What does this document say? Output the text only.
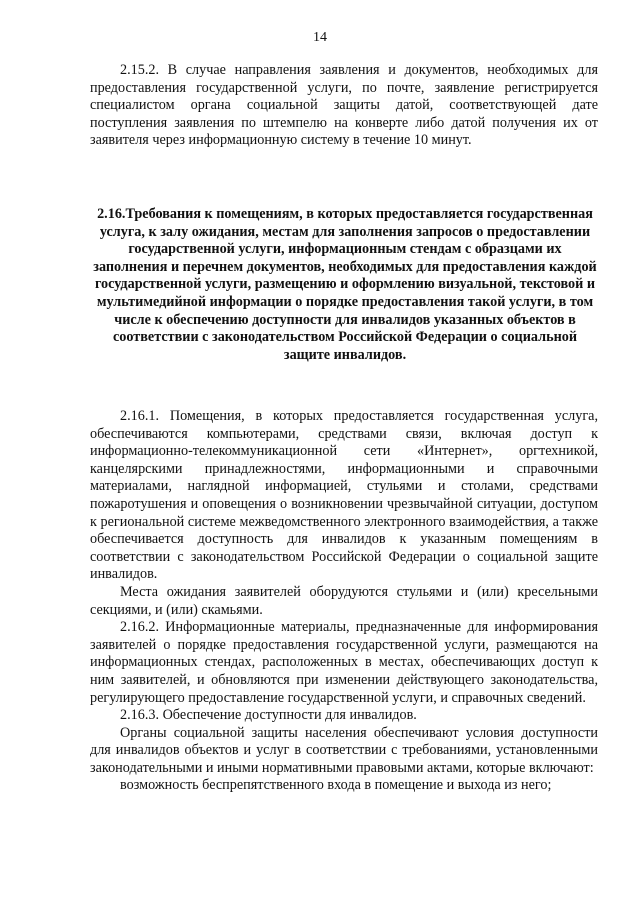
14

2.15.2. В случае направления заявления и документов, необходимых для предоставления государственной услуги, по почте, заявление регистрируется специалистом органа социальной защиты датой, соответствующей дате поступления заявления по штемпелю на конверте либо датой получения их от заявителя через информационную систему в течение 10 минут.

2.16.Требования к помещениям, в которых предоставляется государственная услуга, к залу ожидания, местам для заполнения запросов о предоставлении государственной услуги, информационным стендам с образцами их заполнения и перечнем документов, необходимых для предоставления каждой государственной услуги, размещению и оформлению визуальной, текстовой и мультимедийной информации о порядке предоставления такой услуги, в том числе к обеспечению доступности для инвалидов указанных объектов в соответствии с законодательством Российской Федерации о социальной защите инвалидов.

2.16.1. Помещения, в которых предоставляется государственная услуга, обеспечиваются компьютерами, средствами связи, включая доступ к информационно-телекоммуникационной сети «Интернет», оргтехникой, канцелярскими принадлежностями, информационными и справочными материалами, наглядной информацией, стульями и столами, средствами пожаротушения и оповещения о возникновении чрезвычайной ситуации, доступом к региональной системе межведомственного электронного взаимодействия, а также обеспечивается доступность для инвалидов к указанным помещениям в соответствии с законодательством Российской Федерации о социальной защите инвалидов.

Места ожидания заявителей оборудуются стульями и (или) кресельными секциями, и (или) скамьями.

2.16.2. Информационные материалы, предназначенные для информирования заявителей о порядке предоставления государственной услуги, размещаются на информационных стендах, расположенных в местах, обеспечивающих доступ к ним заявителей, и обновляются при изменении действующего законодательства, регулирующего предоставление государственной услуги, и справочных сведений.

2.16.3. Обеспечение доступности для инвалидов.

Органы социальной защиты населения обеспечивают условия доступности для инвалидов объектов и услуг в соответствии с требованиями, установленными законодательными и иными нормативными правовыми актами, которые включают:

возможность беспрепятственного входа в помещение и выхода из него;
